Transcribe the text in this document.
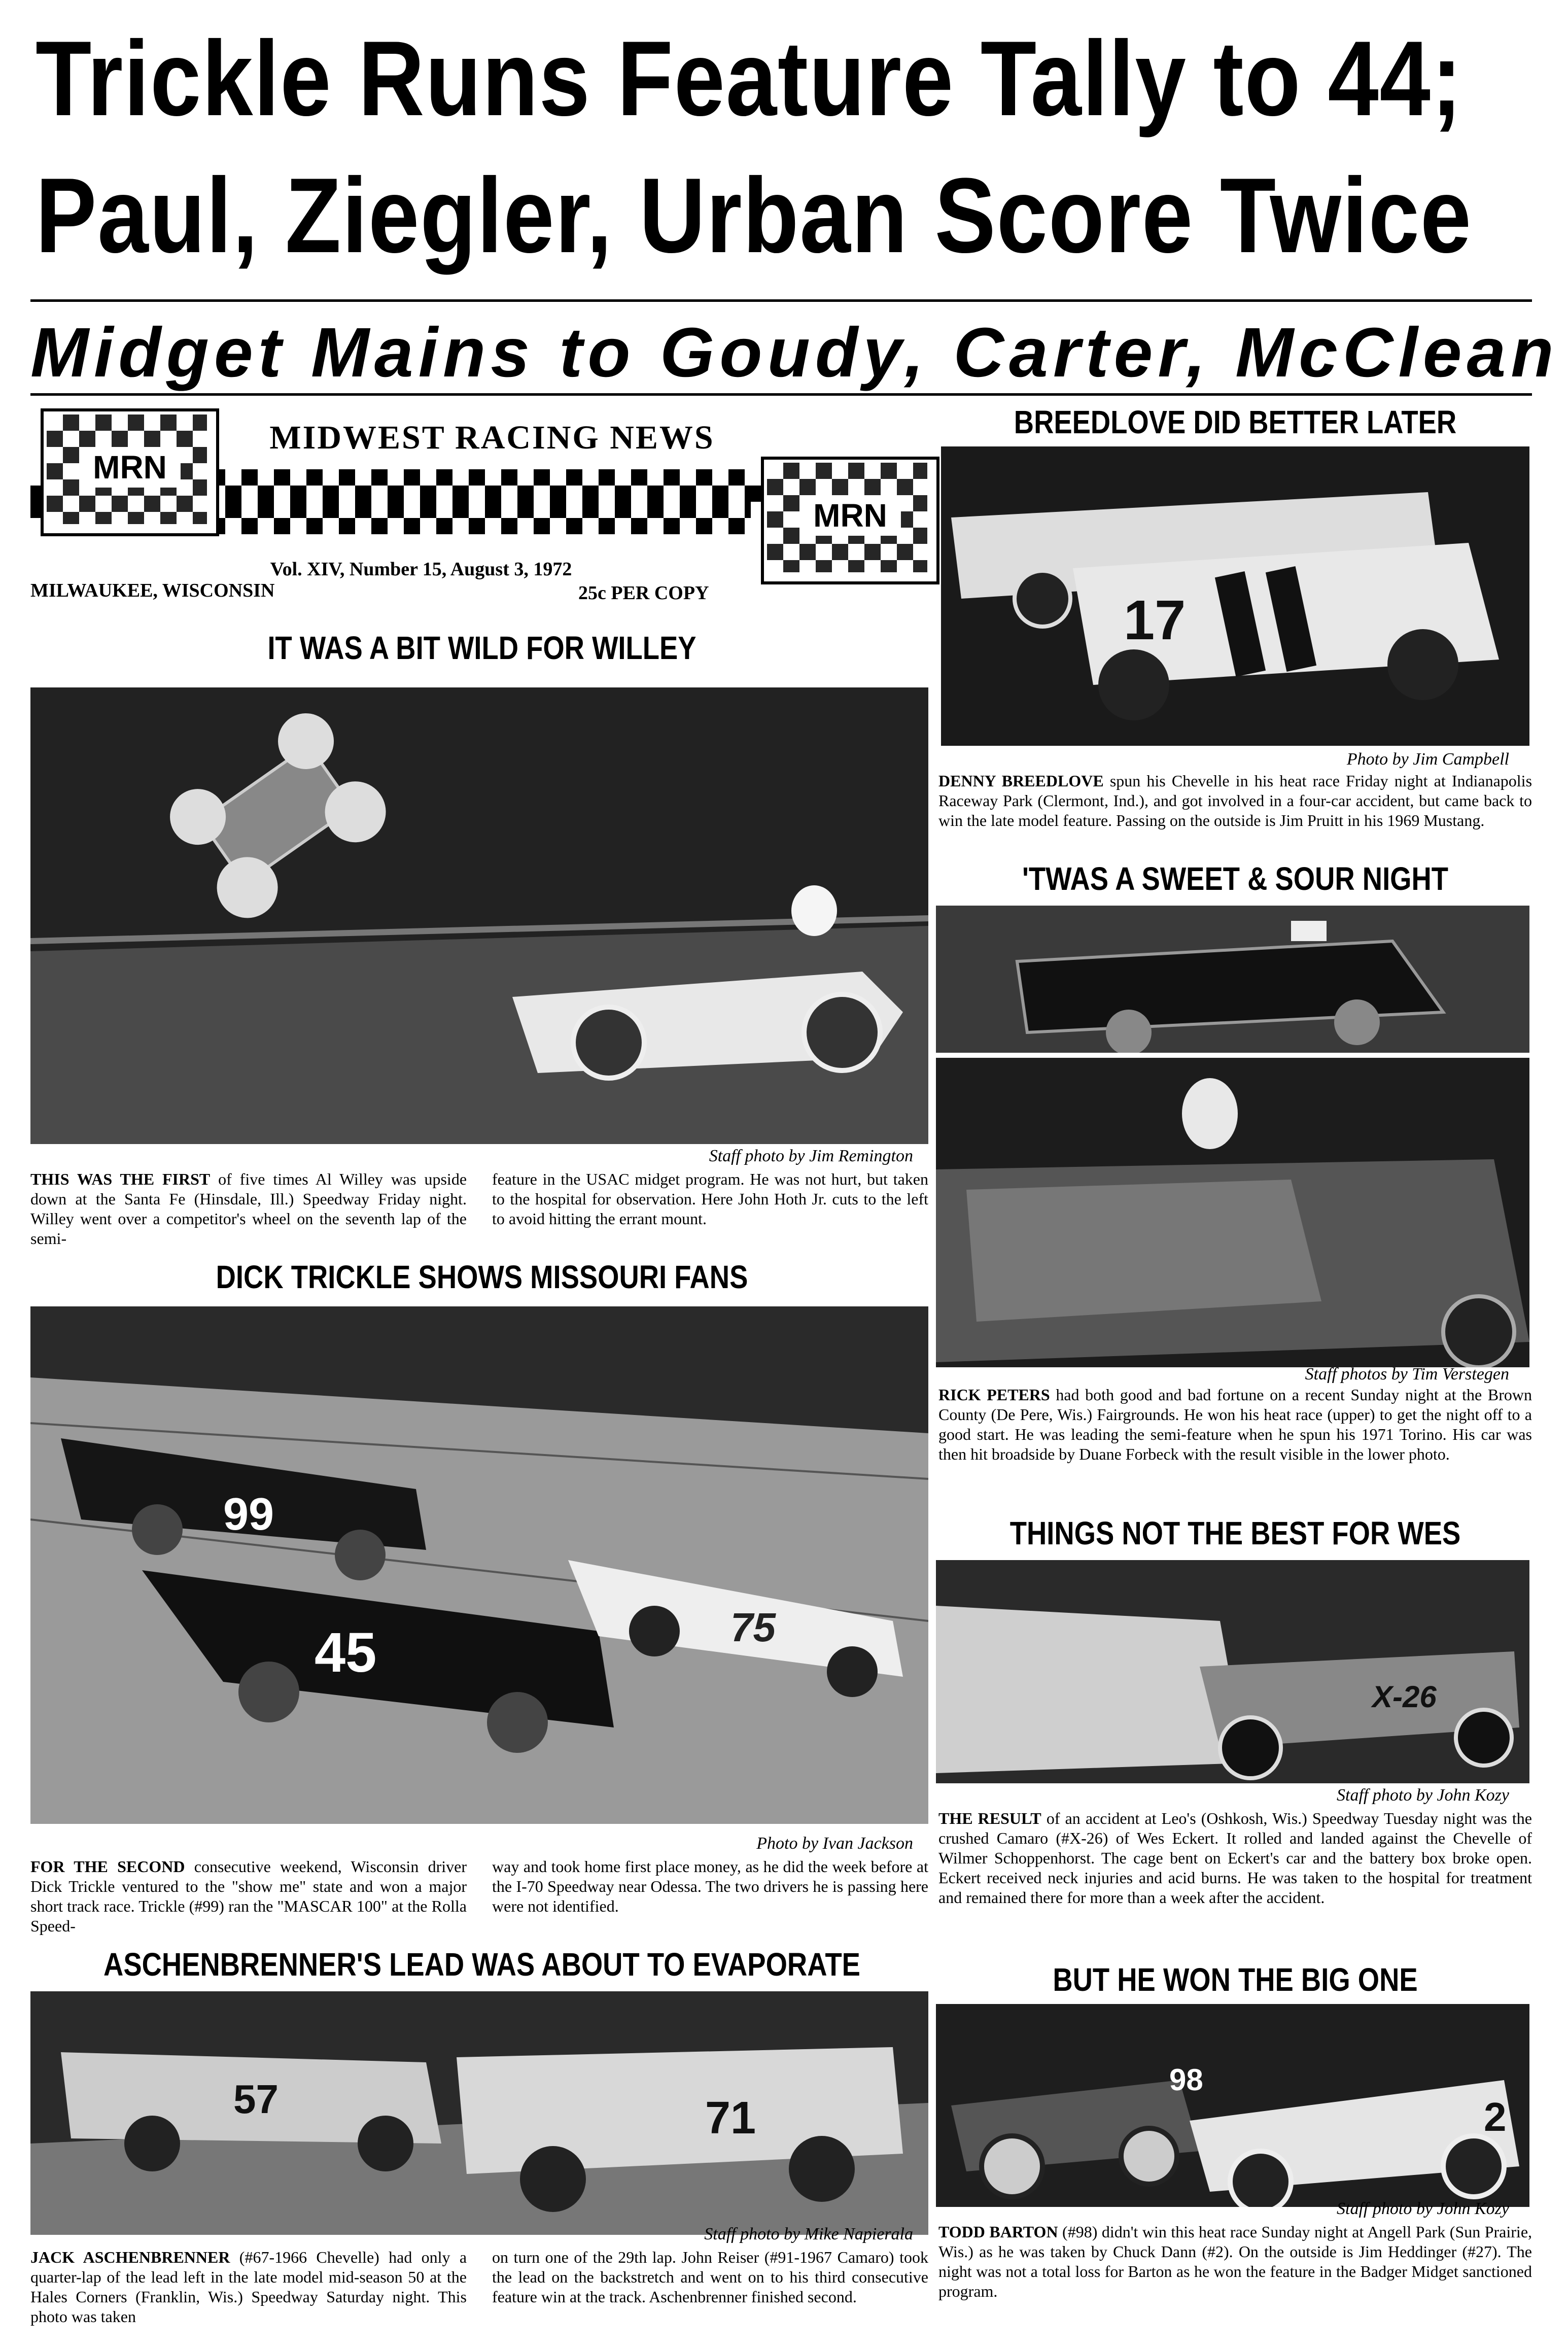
Trickle Runs Feature Tally to 44;
Paul, Ziegler, Urban Score Twice
Midget Mains to Goudy, Carter, McClean
MRN
MRN
MIDWEST RACING NEWS
Vol. XIV, Number 15, August 3, 1972
MILWAUKEE, WISCONSIN	25c PER COPY
IT WAS A BIT WILD FOR WILLEY
Staff photo by Jim Remington
THIS WAS THE FIRST of five times Al Willey was upside down at the Santa Fe (Hinsdale, Ill.) Speedway Friday night. Willey went over a competitor's wheel on the seventh lap of the semi-
feature in the USAC midget program. He was not hurt, but taken to the hospital for observation. Here John Hoth Jr. cuts to the left to avoid hitting the errant mount.
DICK TRICKLE SHOWS MISSOURI FANS
99
45	75
Photo by Ivan Jackson
FOR THE SECOND consecutive weekend, Wisconsin driver Dick Trickle ventured to the "show me" state and won a major short track race. Trickle (#99) ran the "MASCAR 100" at the Rolla Speed-
way and took home first place money, as he did the week before at the I-70 Speedway near Odessa. The two drivers he is passing here were not identified.
ASCHENBRENNER'S LEAD WAS ABOUT TO EVAPORATE
57	71
Staff photo by Mike Napierala
JACK ASCHENBRENNER (#67-1966 Chevelle) had only a quarter-lap of the lead left in the late model mid-season 50 at the Hales Corners (Franklin, Wis.) Speedway Saturday night. This photo was taken
on turn one of the 29th lap. John Reiser (#91-1967 Camaro) took the lead on the backstretch and went on to his third consecutive feature win at the track. Aschenbrenner finished second.
BREEDLOVE DID BETTER LATER
17
Photo by Jim Campbell
DENNY BREEDLOVE spun his Chevelle in his heat race Friday night at Indianapolis Raceway Park (Clermont, Ind.), and got involved in a four-car accident, but came back to win the late model feature. Passing on the outside is Jim Pruitt in his 1969 Mustang.
'TWAS A SWEET & SOUR NIGHT
Staff photos by Tim Verstegen
RICK PETERS had both good and bad fortune on a recent Sunday night at the Brown County (De Pere, Wis.) Fairgrounds. He won his heat race (upper) to get the night off to a good start. He was leading the semi-feature when he spun his 1971 Torino. His car was then hit broadside by Duane Forbeck with the result visible in the lower photo.
THINGS NOT THE BEST FOR WES
X-26
Staff photo by John Kozy
THE RESULT of an accident at Leo's (Oshkosh, Wis.) Speedway Tuesday night was the crushed Camaro (#X-26) of Wes Eckert. It rolled and landed against the Chevelle of Wilmer Schoppenhorst. The cage bent on Eckert's car and the battery box broke open. Eckert received neck injuries and acid burns. He was taken to the hospital for treatment and remained there for more than a week after the accident.
BUT HE WON THE BIG ONE
98
2
Staff photo by John Kozy
TODD BARTON (#98) didn't win this heat race Sunday night at Angell Park (Sun Prairie, Wis.) as he was taken by Chuck Dann (#2). On the outside is Jim Heddinger (#27). The night was not a total loss for Barton as he won the feature in the Badger Midget sanctioned program.
